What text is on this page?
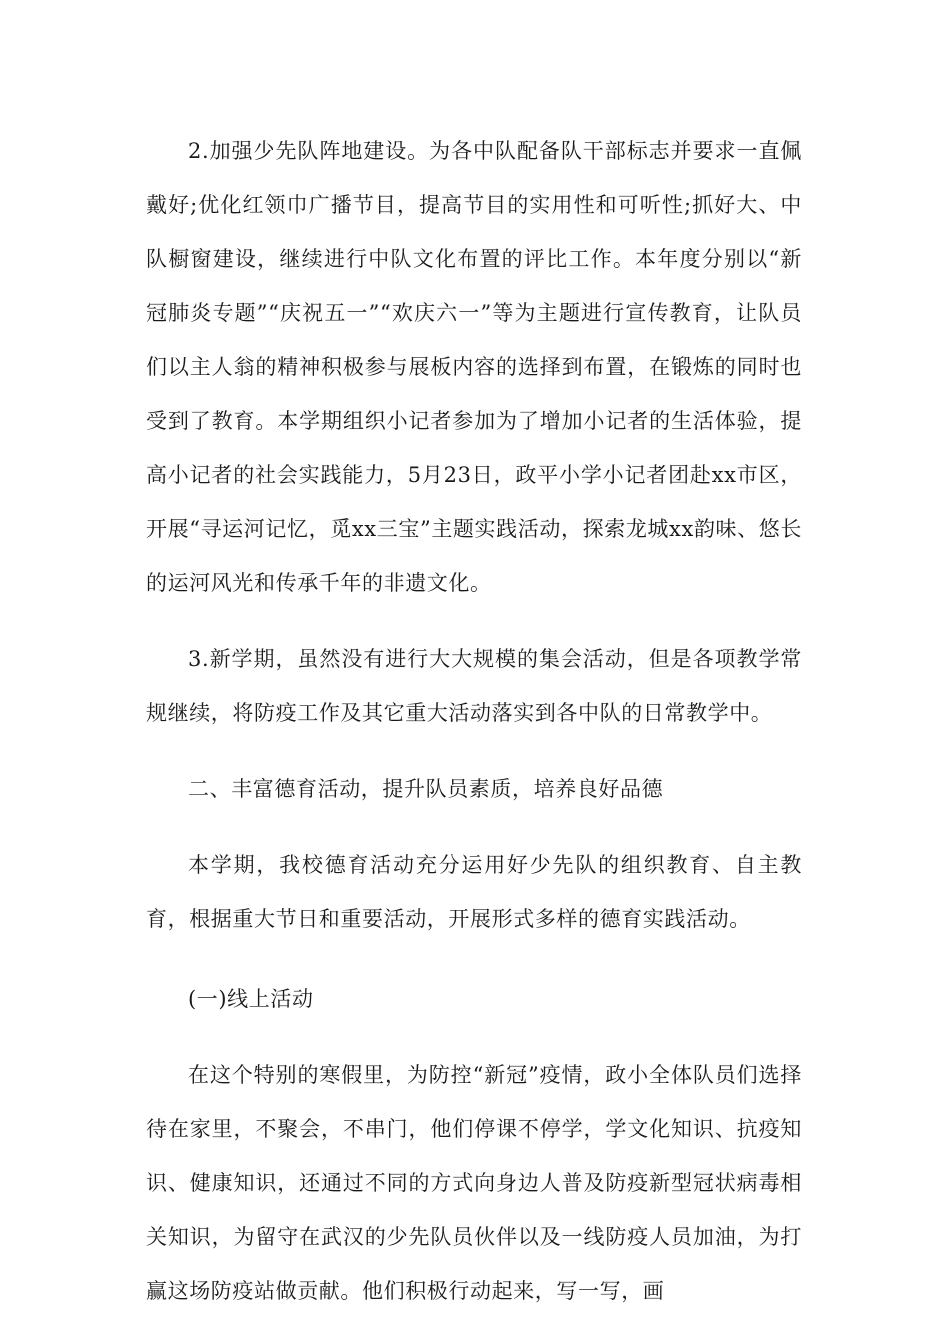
2.加强少先队阵地建设。为各中队配备队干部标志并要求一直佩戴好;优化红领巾广播节目，提高节目的实用性和可听性;抓好大、中队橱窗建设，继续进行中队文化布置的评比工作。本年度分别以“新冠肺炎专题”“庆祝五一”“欢庆六一”等为主题进行宣传教育，让队员们以主人翁的精神积极参与展板内容的选择到布置，在锻炼的同时也受到了教育。本学期组织小记者参加为了增加小记者的生活体验，提高小记者的社会实践能力，5月23日，政平小学小记者团赴xx市区，开展“寻运河记忆，觅xx三宝”主题实践活动，探索龙城xx韵味、悠长的运河风光和传承千年的非遗文化。

3.新学期，虽然没有进行大大规模的集会活动，但是各项教学常规继续，将防疫工作及其它重大活动落实到各中队的日常教学中。

二、丰富德育活动，提升队员素质，培养良好品德

本学期，我校德育活动充分运用好少先队的组织教育、自主教育，根据重大节日和重要活动，开展形式多样的德育实践活动。

(一)线上活动

在这个特别的寒假里，为防控“新冠”疫情，政小全体队员们选择待在家里，不聚会，不串门，他们停课不停学，学文化知识、抗疫知识、健康知识，还通过不同的方式向身边人普及防疫新型冠状病毒相关知识，为留守在武汉的少先队员伙伴以及一线防疫人员加油，为打赢这场防疫站做贡献。他们积极行动起来，写一写，画
